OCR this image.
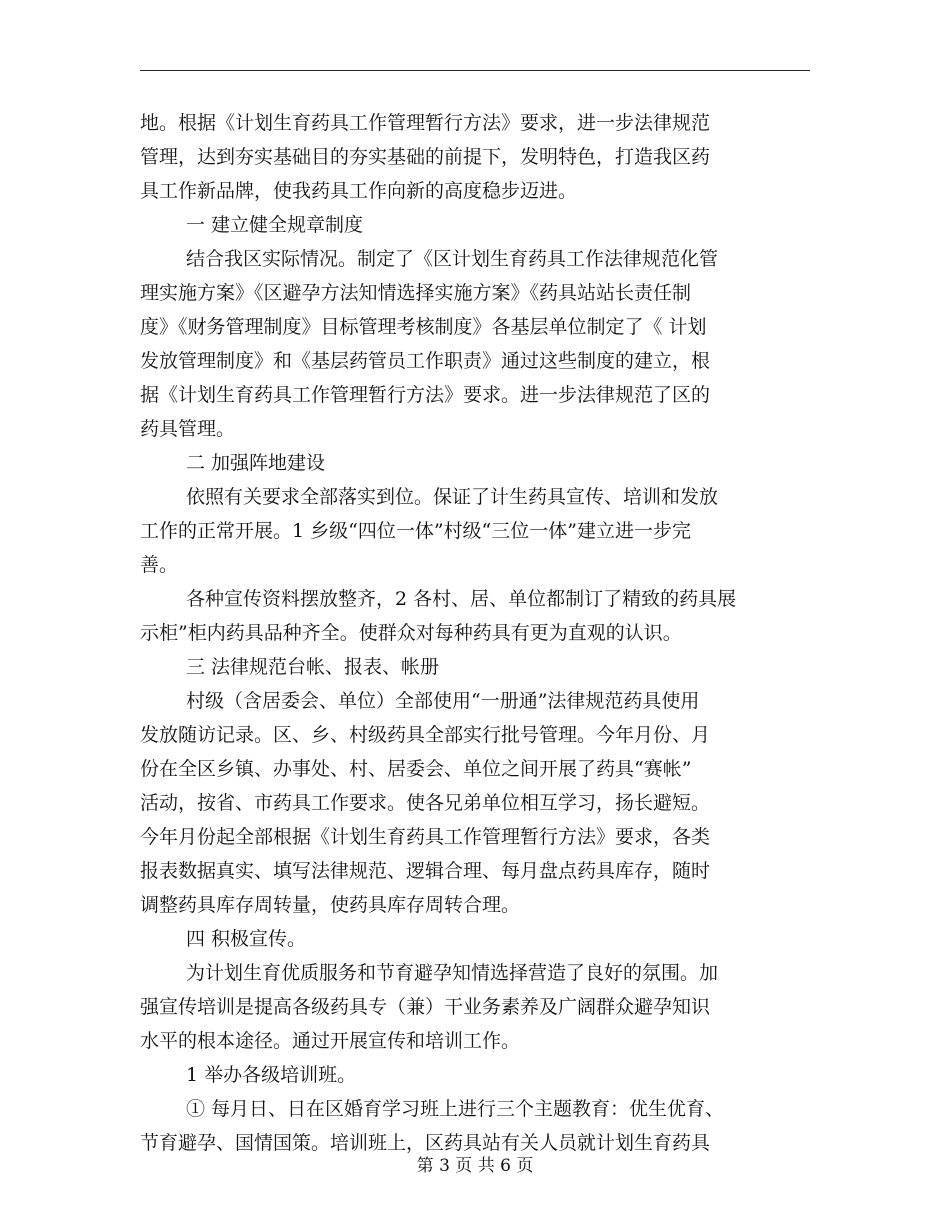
地。根据《计划生育药具工作管理暂行方法》要求，进一步法律规范
管理，达到夯实基础目的夯实基础的前提下，发明特色，打造我区药
具工作新品牌，使我药具工作向新的高度稳步迈进。
一 建立健全规章制度
结合我区实际情况。制定了《区计划生育药具工作法律规范化管
理实施方案》《区避孕方法知情选择实施方案》《药具站站长责任制
度》《财务管理制度》目标管理考核制度》各基层单位制定了《 计划
发放管理制度》和《基层药管员工作职责》通过这些制度的建立，根
据《计划生育药具工作管理暂行方法》要求。进一步法律规范了区的
药具管理。
二 加强阵地建设
依照有关要求全部落实到位。保证了计生药具宣传、培训和发放
工作的正常开展。1 乡级“四位一体”村级“三位一体”建立进一步完
善。
各种宣传资料摆放整齐，2 各村、居、单位都制订了精致的药具展
示柜”柜内药具品种齐全。使群众对每种药具有更为直观的认识。
三 法律规范台帐、报表、帐册
村级（含居委会、单位）全部使用“一册通”法律规范药具使用
发放随访记录。区、乡、村级药具全部实行批号管理。今年月份、月
份在全区乡镇、办事处、村、居委会、单位之间开展了药具“赛帐”
活动，按省、市药具工作要求。使各兄弟单位相互学习，扬长避短。
今年月份起全部根据《计划生育药具工作管理暂行方法》要求，各类
报表数据真实、填写法律规范、逻辑合理、每月盘点药具库存，随时
调整药具库存周转量，使药具库存周转合理。
四 积极宣传。
为计划生育优质服务和节育避孕知情选择营造了良好的氛围。加
强宣传培训是提高各级药具专（兼）干业务素养及广阔群众避孕知识
水平的根本途径。通过开展宣传和培训工作。
1 举办各级培训班。
① 每月日、日在区婚育学习班上进行三个主题教育：优生优育、
节育避孕、国情国策。培训班上，区药具站有关人员就计划生育药具
第 3 页 共 6 页
